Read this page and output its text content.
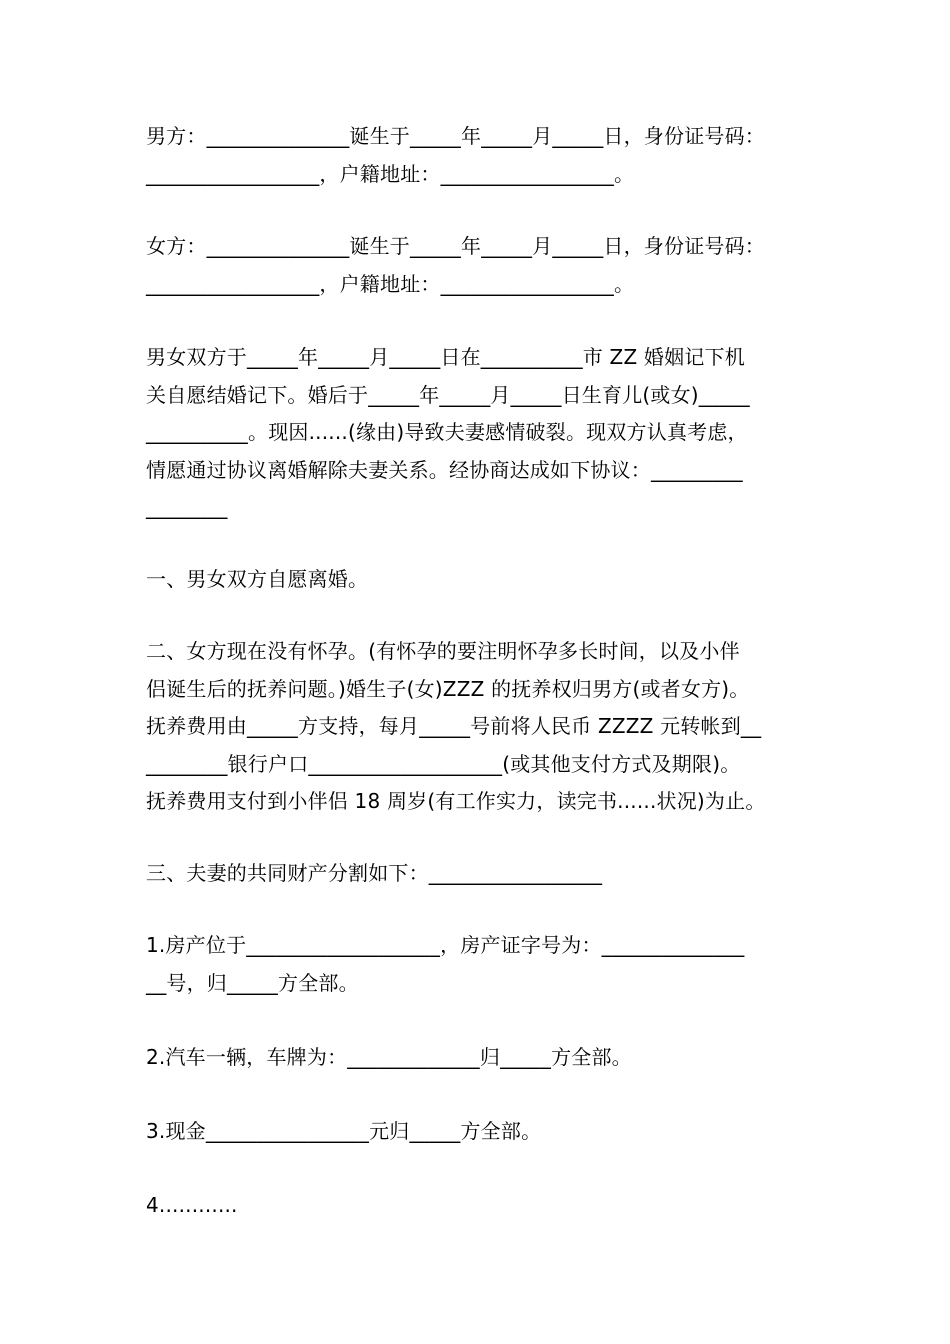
男方：______________诞生于_____年_____月_____日，身份证号码：
_________________，户籍地址：_________________。
女方：______________诞生于_____年_____月_____日，身份证号码：
_________________，户籍地址：_________________。
男女双方于_____年_____月_____日在__________市 ZZ 婚姻记下机
关自愿结婚记下。婚后于_____年_____月_____日生育儿(或女)_____
__________。现因......(缘由)导致夫妻感情破裂。现双方认真考虑，
情愿通过协议离婚解除夫妻关系。经协商达成如下协议：_________
________
一、男女双方自愿离婚。
二、女方现在没有怀孕。(有怀孕的要注明怀孕多长时间，以及小伴
侣诞生后的抚养问题。)婚生子(女)ZZZ 的抚养权归男方(或者女方)。
抚养费用由_____方支持，每月_____号前将人民币 ZZZZ 元转帐到__
________银行户口___________________(或其他支付方式及期限)。
抚养费用支付到小伴侣 18 周岁(有工作实力，读完书......状况)为止。
三、夫妻的共同财产分割如下：_________________
1.房产位于___________________，房产证字号为：______________
__号，归_____方全部。
2.汽车一辆，车牌为：_____________归_____方全部。
3.现金________________元归_____方全部。
4............
